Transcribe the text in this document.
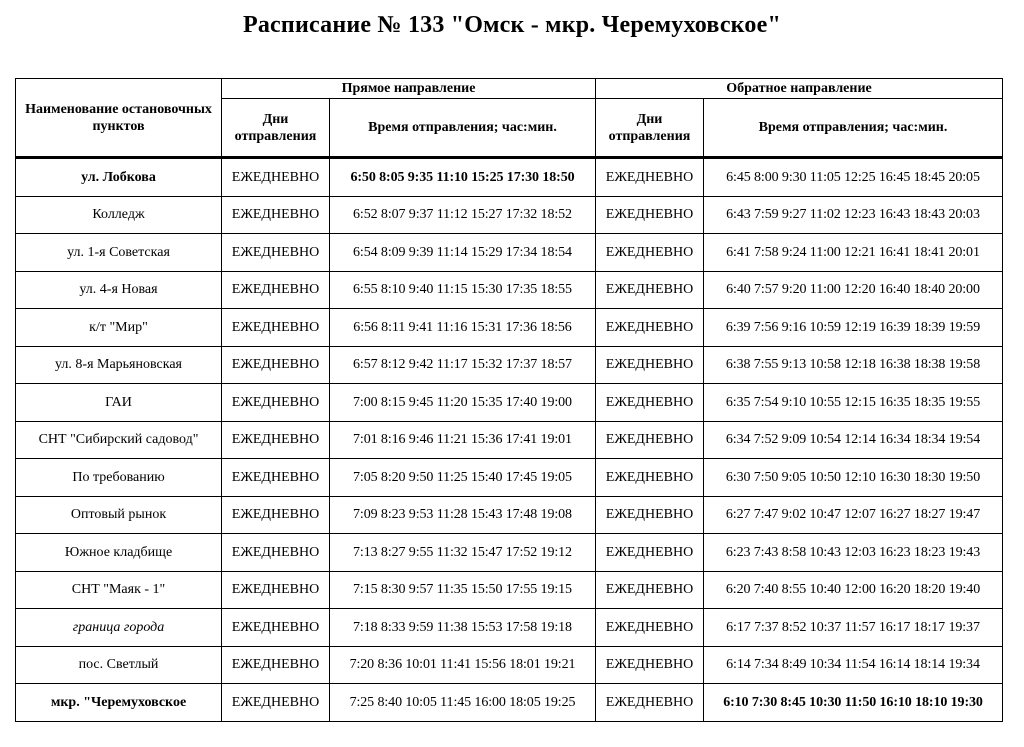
Расписание № 133 "Омск - мкр. Черемуховское"
Наименование остановочных пунктов	Прямое направление		Обратное направление	
	Дни отправления	Время отправления; час:мин.	Дни отправления	Время отправления; час:мин.
ул. Лобкова	ЕЖЕДНЕВНО	6:50 8:05 9:35 11:10 15:25 17:30 18:50	ЕЖЕДНЕВНО	6:45 8:00 9:30 11:05 12:25 16:45 18:45 20:05
Колледж	ЕЖЕДНЕВНО	6:52 8:07 9:37 11:12 15:27 17:32 18:52	ЕЖЕДНЕВНО	6:43 7:59 9:27 11:02 12:23 16:43 18:43 20:03
ул. 1-я Советская	ЕЖЕДНЕВНО	6:54 8:09 9:39 11:14 15:29 17:34 18:54	ЕЖЕДНЕВНО	6:41 7:58 9:24 11:00 12:21 16:41 18:41 20:01
ул. 4-я Новая	ЕЖЕДНЕВНО	6:55 8:10 9:40 11:15 15:30 17:35 18:55	ЕЖЕДНЕВНО	6:40 7:57 9:20 11:00 12:20 16:40 18:40 20:00
к/т "Мир"	ЕЖЕДНЕВНО	6:56 8:11 9:41 11:16 15:31 17:36 18:56	ЕЖЕДНЕВНО	6:39 7:56 9:16 10:59 12:19 16:39 18:39 19:59
ул. 8-я Марьяновская	ЕЖЕДНЕВНО	6:57 8:12 9:42 11:17 15:32 17:37 18:57	ЕЖЕДНЕВНО	6:38 7:55 9:13 10:58 12:18 16:38 18:38 19:58
ГАИ	ЕЖЕДНЕВНО	7:00 8:15 9:45 11:20 15:35 17:40 19:00	ЕЖЕДНЕВНО	6:35 7:54 9:10 10:55 12:15 16:35 18:35 19:55
СНТ "Сибирский садовод"	ЕЖЕДНЕВНО	7:01 8:16 9:46 11:21 15:36 17:41 19:01	ЕЖЕДНЕВНО	6:34 7:52 9:09 10:54 12:14 16:34 18:34 19:54
По требованию	ЕЖЕДНЕВНО	7:05 8:20 9:50 11:25 15:40 17:45 19:05	ЕЖЕДНЕВНО	6:30 7:50 9:05 10:50 12:10 16:30 18:30 19:50
Оптовый рынок	ЕЖЕДНЕВНО	7:09 8:23 9:53 11:28 15:43 17:48 19:08	ЕЖЕДНЕВНО	6:27 7:47 9:02 10:47 12:07 16:27 18:27 19:47
Южное кладбище	ЕЖЕДНЕВНО	7:13 8:27 9:55 11:32 15:47 17:52 19:12	ЕЖЕДНЕВНО	6:23 7:43 8:58 10:43 12:03 16:23 18:23 19:43
СНТ "Маяк - 1"	ЕЖЕДНЕВНО	7:15 8:30 9:57 11:35 15:50 17:55 19:15	ЕЖЕДНЕВНО	6:20 7:40 8:55 10:40 12:00 16:20 18:20 19:40
граница города	ЕЖЕДНЕВНО	7:18 8:33 9:59 11:38 15:53 17:58 19:18	ЕЖЕДНЕВНО	6:17 7:37 8:52 10:37 11:57 16:17 18:17 19:37
пос. Светлый	ЕЖЕДНЕВНО	7:20 8:36 10:01 11:41 15:56 18:01 19:21	ЕЖЕДНЕВНО	6:14 7:34 8:49 10:34 11:54 16:14 18:14 19:34
мкр. "Черемуховское	ЕЖЕДНЕВНО	7:25 8:40 10:05 11:45 16:00 18:05 19:25	ЕЖЕДНЕВНО	6:10 7:30 8:45 10:30 11:50 16:10 18:10 19:30
